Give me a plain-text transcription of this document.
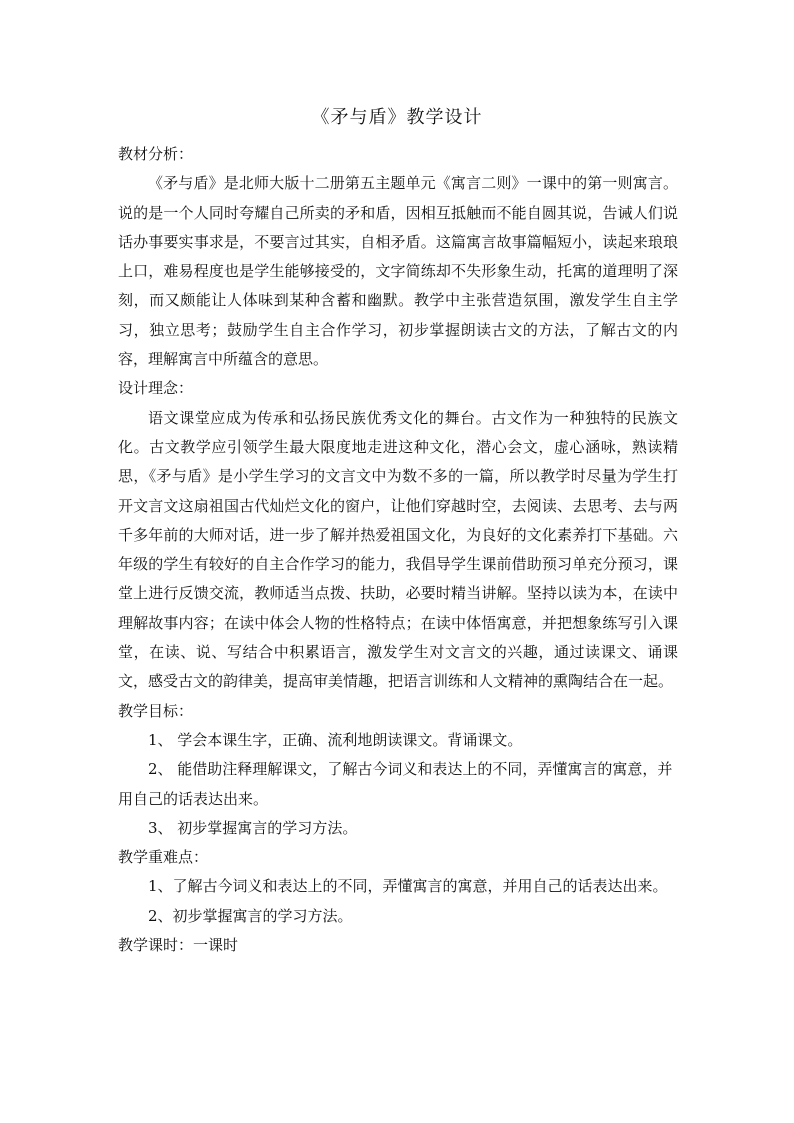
《矛与盾》教学设计

教材分析：

《矛与盾》是北师大版十二册第五主题单元《寓言二则》一课中的第一则寓言。说的是一个人同时夸耀自己所卖的矛和盾，因相互抵触而不能自圆其说，告诫人们说话办事要实事求是，不要言过其实，自相矛盾。这篇寓言故事篇幅短小，读起来琅琅上口，难易程度也是学生能够接受的，文字简练却不失形象生动，托寓的道理明了深刻，而又颇能让人体味到某种含蓄和幽默。教学中主张营造氛围，激发学生自主学习，独立思考；鼓励学生自主合作学习，初步掌握朗读古文的方法，了解古文的内容，理解寓言中所蕴含的意思。

设计理念：

语文课堂应成为传承和弘扬民族优秀文化的舞台。古文作为一种独特的民族文化。古文教学应引领学生最大限度地走进这种文化，潜心会文，虚心涵咏，熟读精思，《矛与盾》是小学生学习的文言文中为数不多的一篇，所以教学时尽量为学生打开文言文这扇祖国古代灿烂文化的窗户，让他们穿越时空，去阅读、去思考、去与两千多年前的大师对话，进一步了解并热爱祖国文化，为良好的文化素养打下基础。六年级的学生有较好的自主合作学习的能力，我倡导学生课前借助预习单充分预习，课堂上进行反馈交流，教师适当点拨、扶助，必要时精当讲解。坚持以读为本，在读中理解故事内容；在读中体会人物的性格特点；在读中体悟寓意，并把想象练写引入课堂，在读、说、写结合中积累语言，激发学生对文言文的兴趣，通过读课文、诵课文，感受古文的韵律美，提高审美情趣，把语言训练和人文精神的熏陶结合在一起。

教学目标：

1、 学会本课生字，正确、流利地朗读课文。背诵课文。

2、 能借助注释理解课文，了解古今词义和表达上的不同，弄懂寓言的寓意，并用自己的话表达出来。

3、 初步掌握寓言的学习方法。

教学重难点：

1、了解古今词义和表达上的不同，弄懂寓言的寓意，并用自己的话表达出来。

2、初步掌握寓言的学习方法。

教学课时：一课时
